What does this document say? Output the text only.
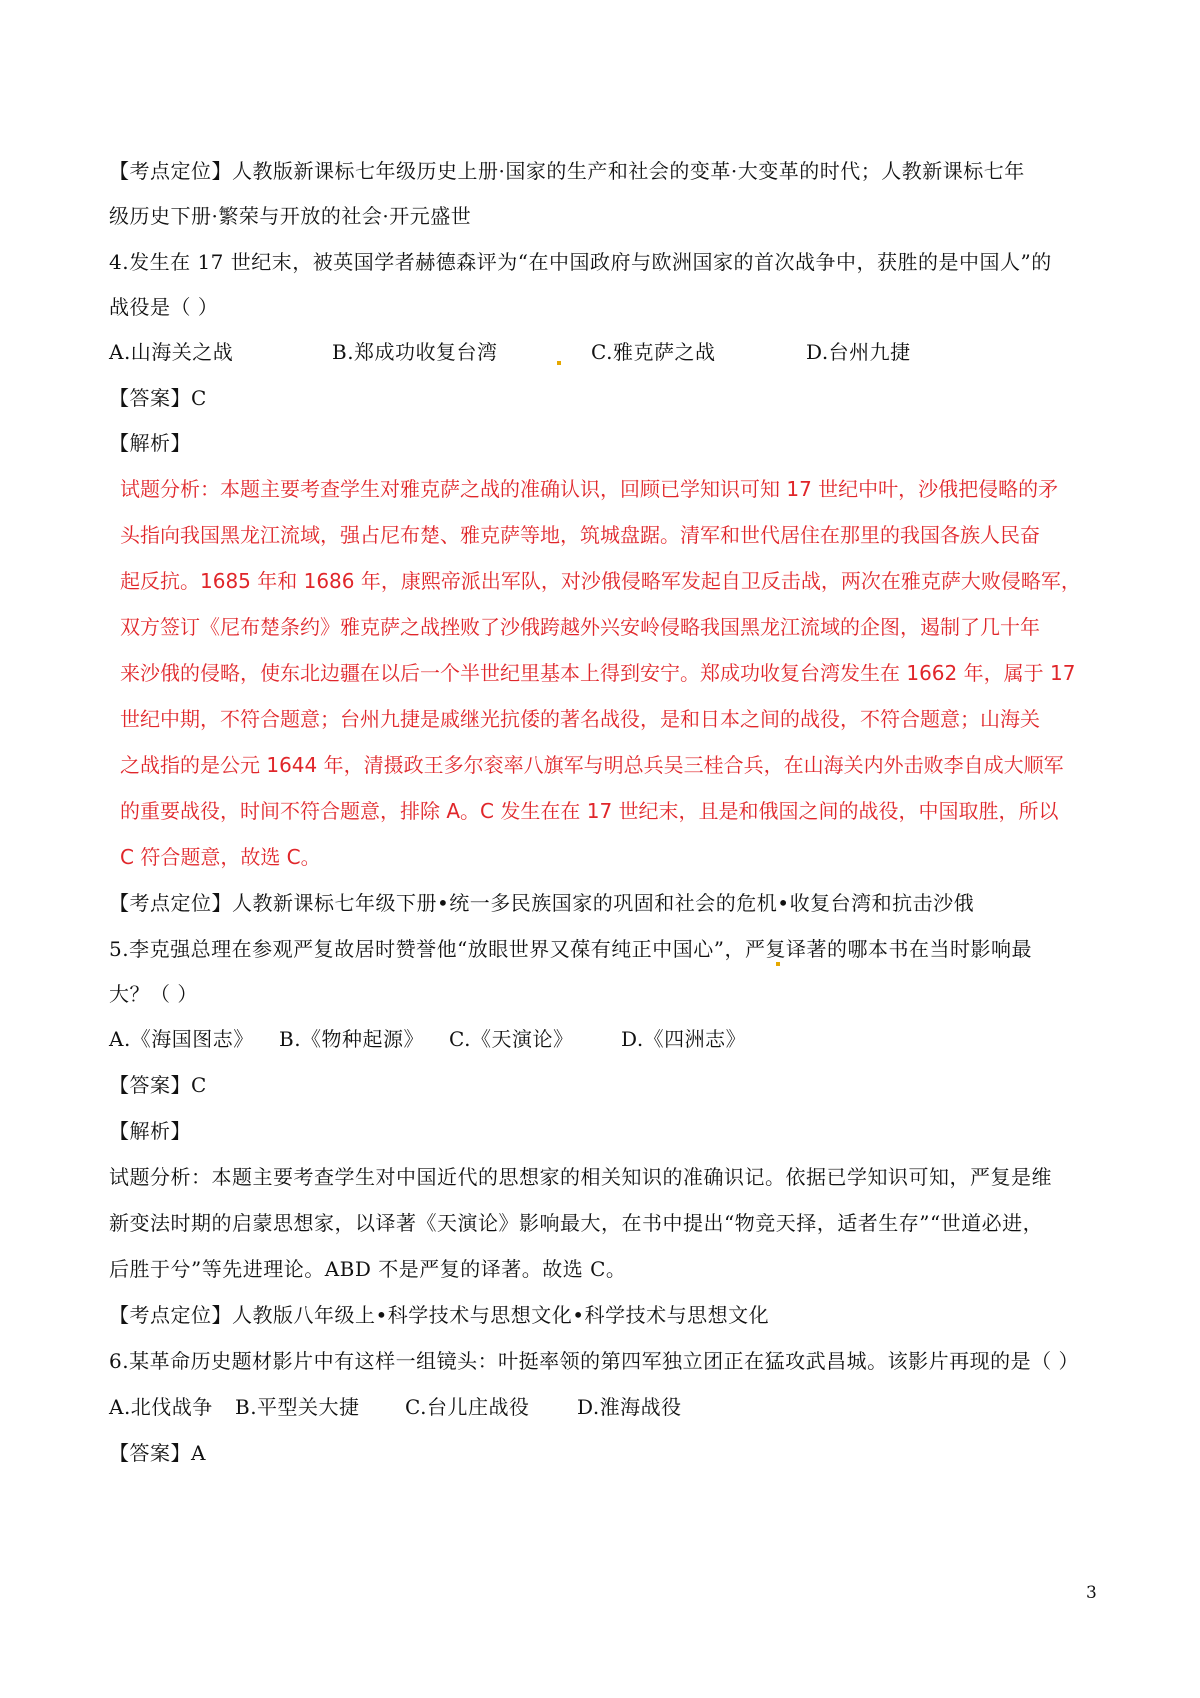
【考点定位】人教版新课标七年级历史上册·国家的生产和社会的变革·大变革的时代；人教新课标七年
级历史下册·繁荣与开放的社会·开元盛世
4.发生在 17 世纪末，被英国学者赫德森评为“在中国政府与欧洲国家的首次战争中，获胜的是中国人”的
战役是（ ）
A.山海关之战	B.郑成功收复台湾	C.雅克萨之战	D.台州九捷
【答案】C
【解析】
试题分析：本题主要考查学生对雅克萨之战的准确认识，回顾已学知识可知 17 世纪中叶，沙俄把侵略的矛
头指向我国黑龙江流域，强占尼布楚、雅克萨等地，筑城盘踞。清军和世代居住在那里的我国各族人民奋
起反抗。1685 年和 1686 年，康熙帝派出军队，对沙俄侵略军发起自卫反击战，两次在雅克萨大败侵略军，
双方签订《尼布楚条约》雅克萨之战挫败了沙俄跨越外兴安岭侵略我国黑龙江流域的企图，遏制了几十年
来沙俄的侵略，使东北边疆在以后一个半世纪里基本上得到安宁。郑成功收复台湾发生在 1662 年，属于 17
世纪中期，不符合题意；台州九捷是戚继光抗倭的著名战役，是和日本之间的战役，不符合题意；山海关
之战指的是公元 1644 年，清摄政王多尔衮率八旗军与明总兵吴三桂合兵，在山海关内外击败李自成大顺军
的重要战役，时间不符合题意，排除 A。C 发生在在 17 世纪末，且是和俄国之间的战役，中国取胜，所以
C 符合题意，故选 C。
【考点定位】人教新课标七年级下册•统一多民族国家的巩固和社会的危机•收复台湾和抗击沙俄
5.李克强总理在参观严复故居时赞誉他“放眼世界又葆有纯正中国心”，严复译著的哪本书在当时影响最
大？（ ）
A.《海国图志》 B.《物种起源》 C.《天演论》 D.《四洲志》
【答案】C
【解析】
试题分析：本题主要考查学生对中国近代的思想家的相关知识的准确识记。依据已学知识可知，严复是维
新变法时期的启蒙思想家，以译著《天演论》影响最大，在书中提出“物竞天择，适者生存”“世道必进，
后胜于兮”等先进理论。ABD 不是严复的译著。故选 C。
【考点定位】人教版八年级上•科学技术与思想文化•科学技术与思想文化
6.某革命历史题材影片中有这样一组镜头：叶挺率领的第四军独立团正在猛攻武昌城。该影片再现的是（ ）
A.北伐战争 B.平型关大捷 C.台儿庄战役 D.淮海战役
【答案】A
3
